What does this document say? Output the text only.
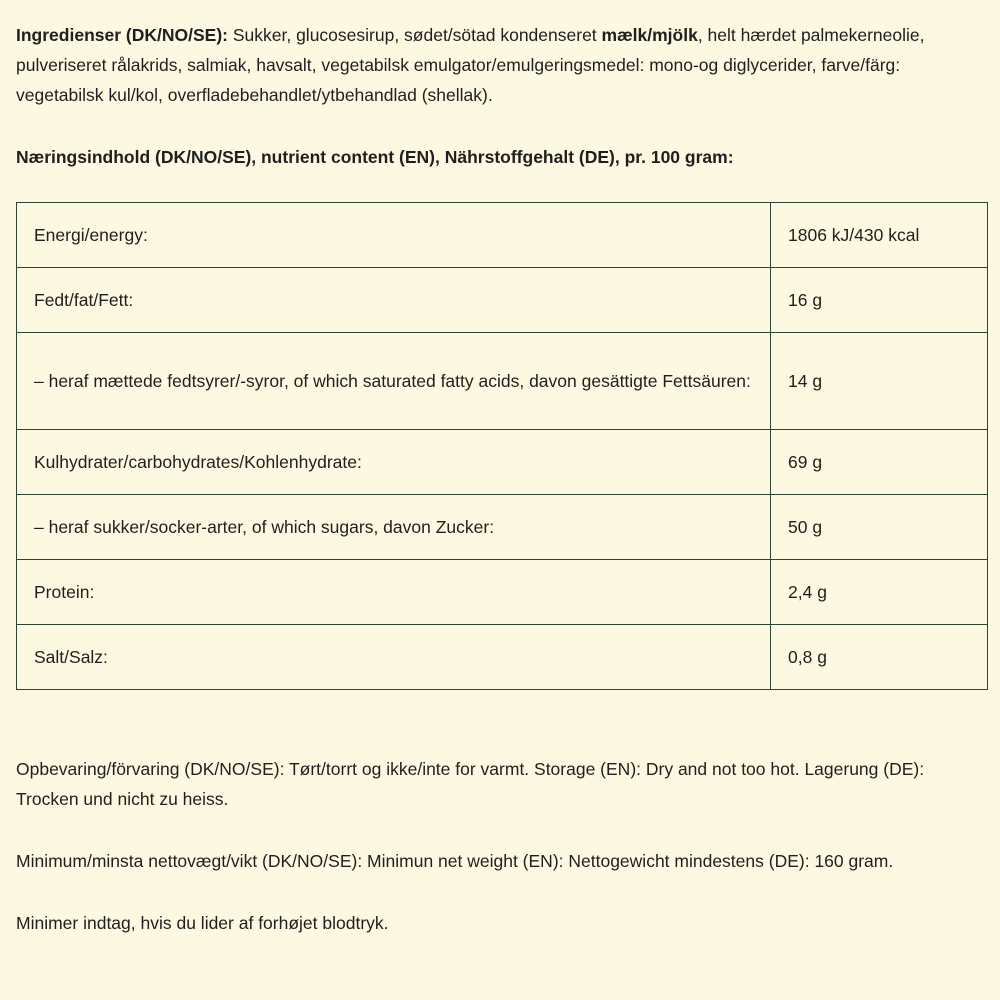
Ingredienser (DK/NO/SE): Sukker, glucosesirup, sødet/sötad kondenseret mælk/mjölk, helt hærdet palmekerneolie, pulveriseret rålakrids, salmiak, havsalt, vegetabilsk emulgator/emulgeringsmedel: mono-og diglycerider, farve/färg: vegetabilsk kul/kol, overfladebehandlet/ytbehandlad (shellak).

Næringsindhold (DK/NO/SE), nutrient content (EN), Nährstoffgehalt (DE), pr. 100 gram:

Energi/energy:	1806 kJ/430 kcal
Fedt/fat/Fett:	16 g
– heraf mættede fedtsyrer/-syror, of which saturated fatty acids, davon gesättigte Fettsäuren:	14 g
Kulhydrater/carbohydrates/Kohlenhydrate:	69 g
– heraf sukker/socker-arter, of which sugars, davon Zucker:	50 g
Protein:	2,4 g
Salt/Salz:	0,8 g

Opbevaring/förvaring (DK/NO/SE): Tørt/torrt og ikke/inte for varmt. Storage (EN): Dry and not too hot. Lagerung (DE): Trocken und nicht zu heiss.

Minimum/minsta nettovægt/vikt (DK/NO/SE): Minimun net weight (EN): Nettogewicht mindestens (DE): 160 gram.

Minimer indtag, hvis du lider af forhøjet blodtryk.
